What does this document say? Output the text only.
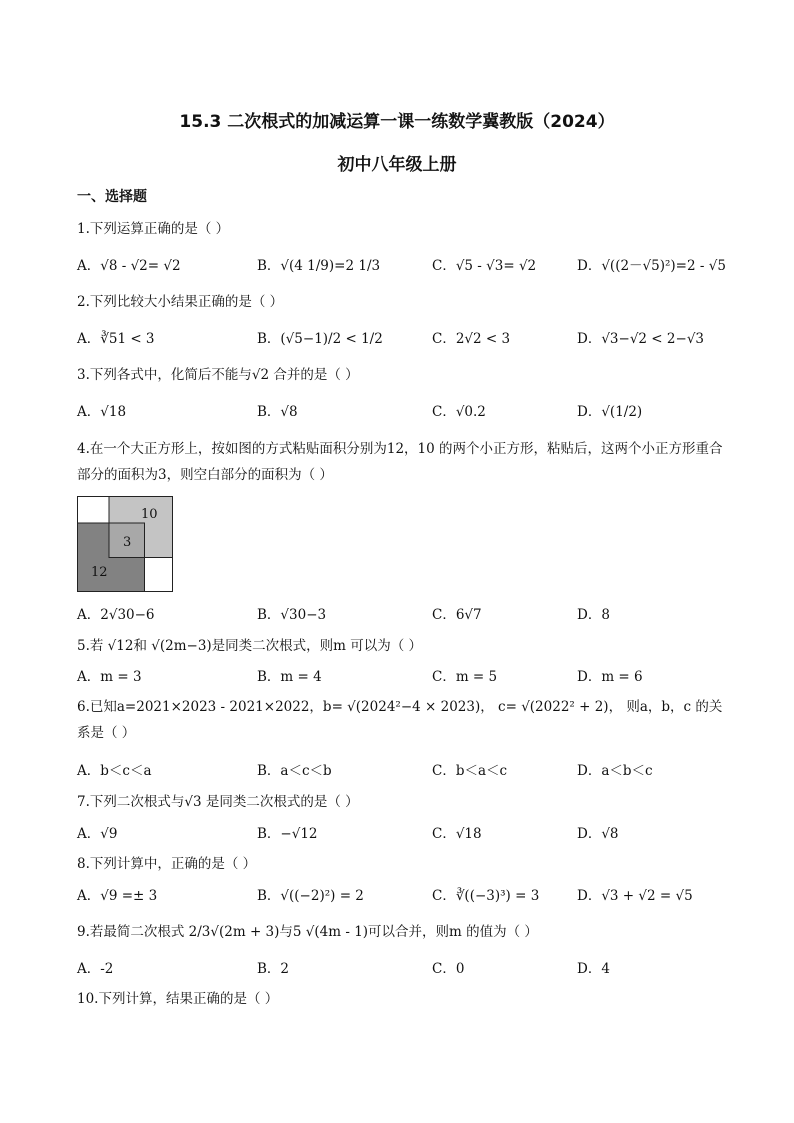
15.3 二次根式的加减运算一课一练数学冀教版（2024）
初中八年级上册
一、选择题
1.下列运算正确的是（ ）
A．√8 - √2= √2	B．√(4 1/9)=2 1/3	C．√5 - √3= √2	D．√((2－√5)²)=2 - √5
2.下列比较大小结果正确的是（ ）
A．∛51 < 3	B．(√5−1)/2 < 1/2	C．2√2 < 3	D．√3−√2 < 2−√3
3.下列各式中，化简后不能与√2 合并的是（ ）
A．√18	B．√8	C．√0.2	D．√(1/2)
4.在一个大正方形上，按如图的方式粘贴面积分别为12，10 的两个小正方形，粘贴后，这两个小正方形重合部分的面积为3，则空白部分的面积为（ ）
10
3
12
A．2√30−6	B．√30−3	C．6√7	D．8
5.若 √12和 √(2m−3)是同类二次根式，则m 可以为（ ）
A．m = 3	B．m = 4	C．m = 5	D．m = 6
6.已知a=2021×2023 - 2021×2022，b= √(2024²−4 × 2023)， c= √(2022² + 2)， 则a，b，c 的关系是（ ）
A．b＜c＜a	B．a＜c＜b	C．b＜a＜c	D．a＜b＜c
7.下列二次根式与√3 是同类二次根式的是（ ）
A．√9	B．−√12	C．√18	D．√8
8.下列计算中，正确的是（ ）
A．√9 =± 3	B．√((−2)²) = 2	C．∛((−3)³) = 3	D．√3 + √2 = √5
9.若最简二次根式 2/3√(2m + 3)与5 √(4m - 1)可以合并，则m 的值为（ ）
A．-2	B．2	C．0	D．4
10.下列计算，结果正确的是（ ）
